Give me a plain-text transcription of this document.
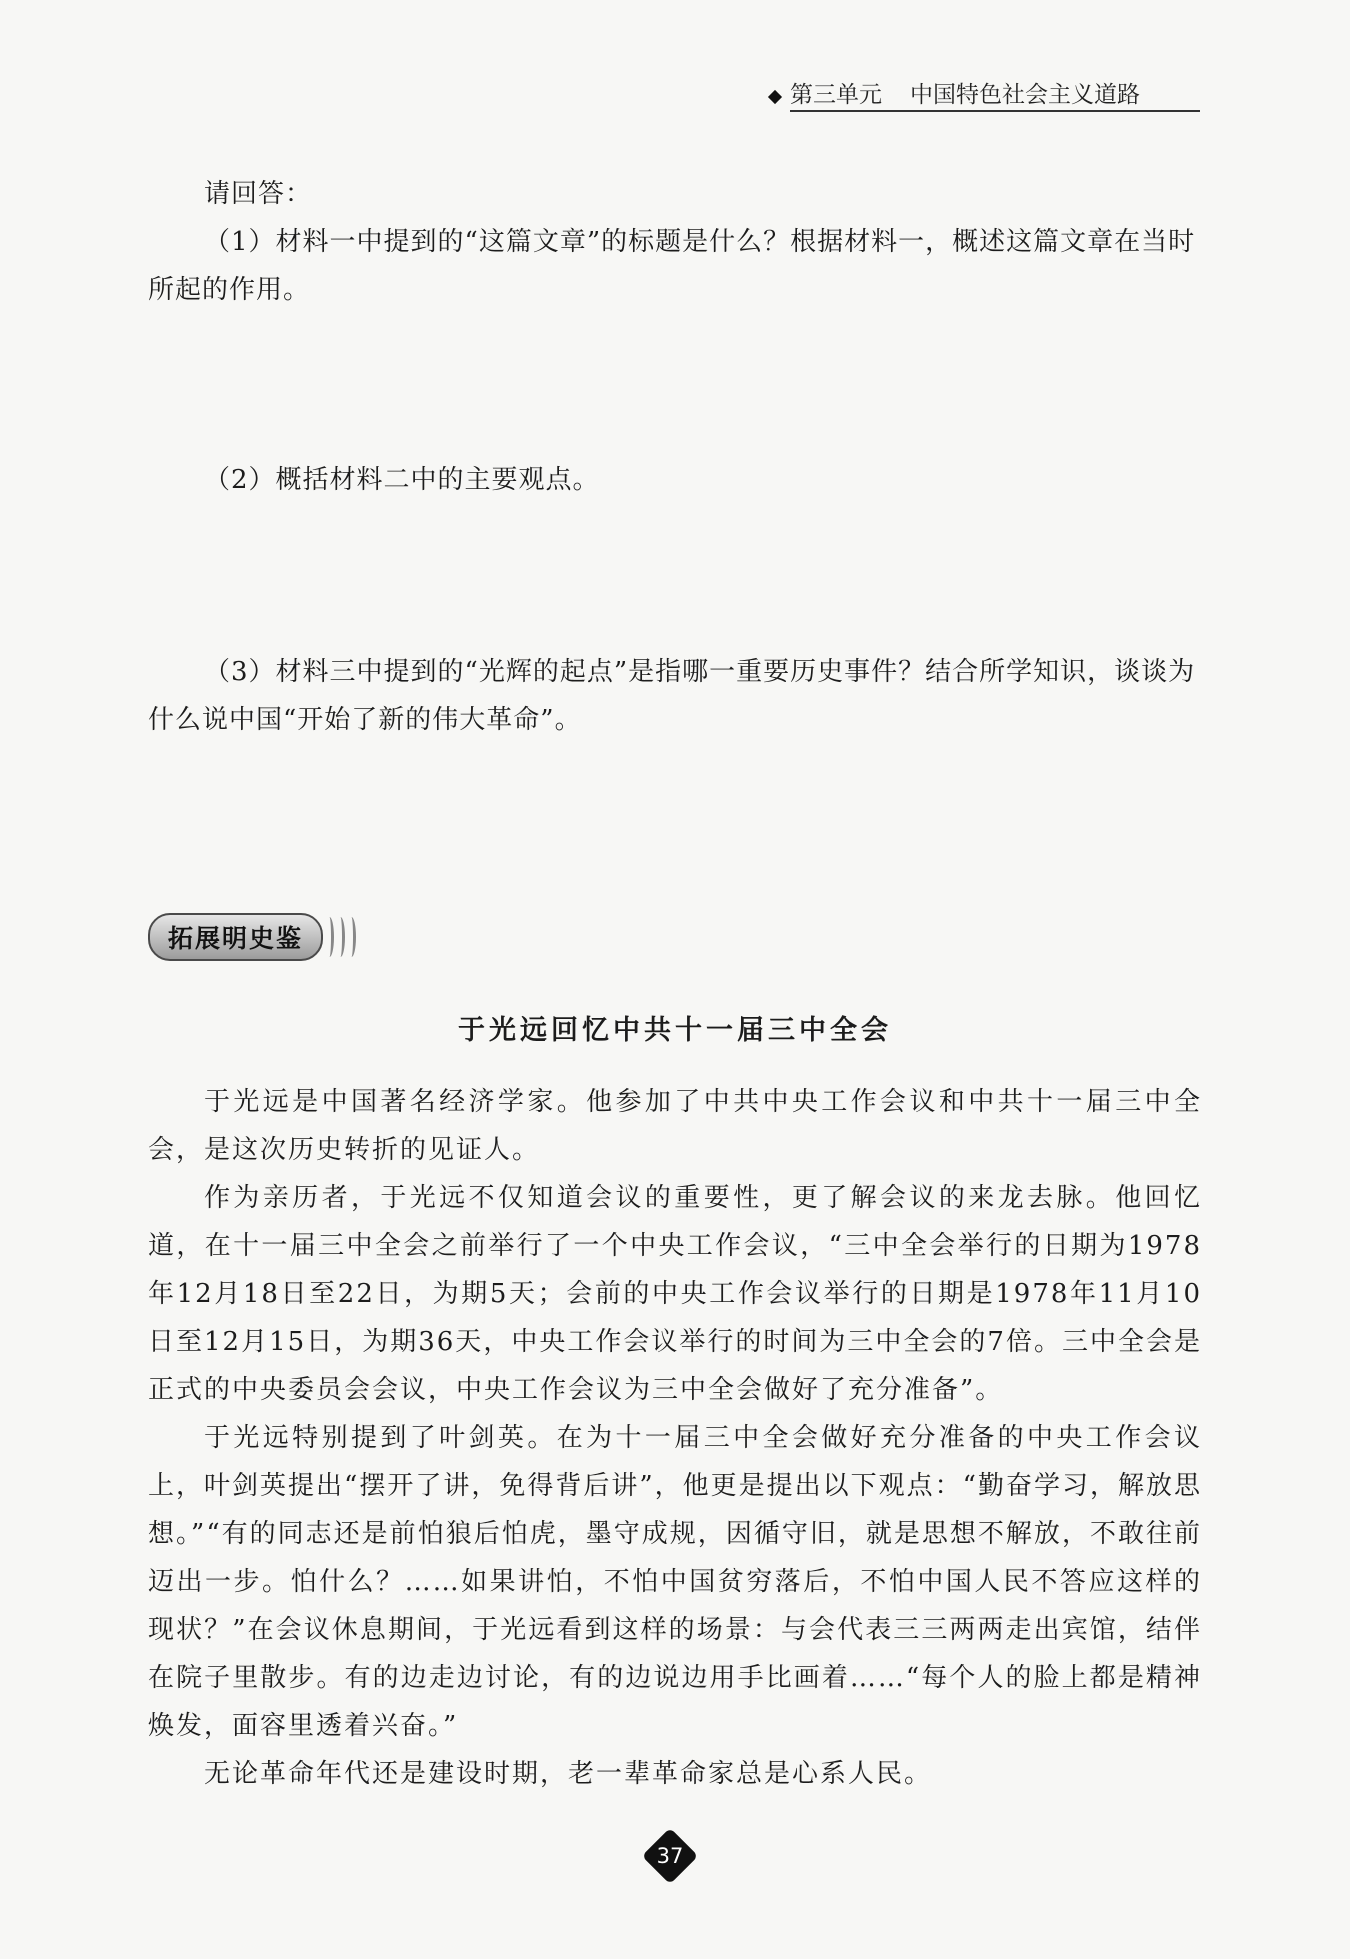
第三单元 中国特色社会主义道路

请回答：

（1）材料一中提到的“这篇文章”的标题是什么？根据材料一，概述这篇文章在当时所起的作用。

（2）概括材料二中的主要观点。

（3）材料三中提到的“光辉的起点”是指哪一重要历史事件？结合所学知识，谈谈为什么说中国“开始了新的伟大革命”。

拓展明史鉴
于光远回忆中共十一届三中全会

于光远是中国著名经济学家。他参加了中共中央工作会议和中共十一届三中全会，是这次历史转折的见证人。

作为亲历者，于光远不仅知道会议的重要性，更了解会议的来龙去脉。他回忆道，在十一届三中全会之前举行了一个中央工作会议，“三中全会举行的日期为1978年12月18日至22日，为期5天；会前的中央工作会议举行的日期是1978年11月10日至12月15日，为期36天，中央工作会议举行的时间为三中全会的7倍。三中全会是正式的中央委员会会议，中央工作会议为三中全会做好了充分准备”。

于光远特别提到了叶剑英。在为十一届三中全会做好充分准备的中央工作会议上，叶剑英提出“摆开了讲，免得背后讲”，他更是提出以下观点：“勤奋学习，解放思想。”“有的同志还是前怕狼后怕虎，墨守成规，因循守旧，就是思想不解放，不敢往前迈出一步。怕什么？……如果讲怕，不怕中国贫穷落后，不怕中国人民不答应这样的现状？”在会议休息期间，于光远看到这样的场景：与会代表三三两两走出宾馆，结伴在院子里散步。有的边走边讨论，有的边说边用手比画着……“每个人的脸上都是精神焕发，面容里透着兴奋。”

无论革命年代还是建设时期，老一辈革命家总是心系人民。

37
